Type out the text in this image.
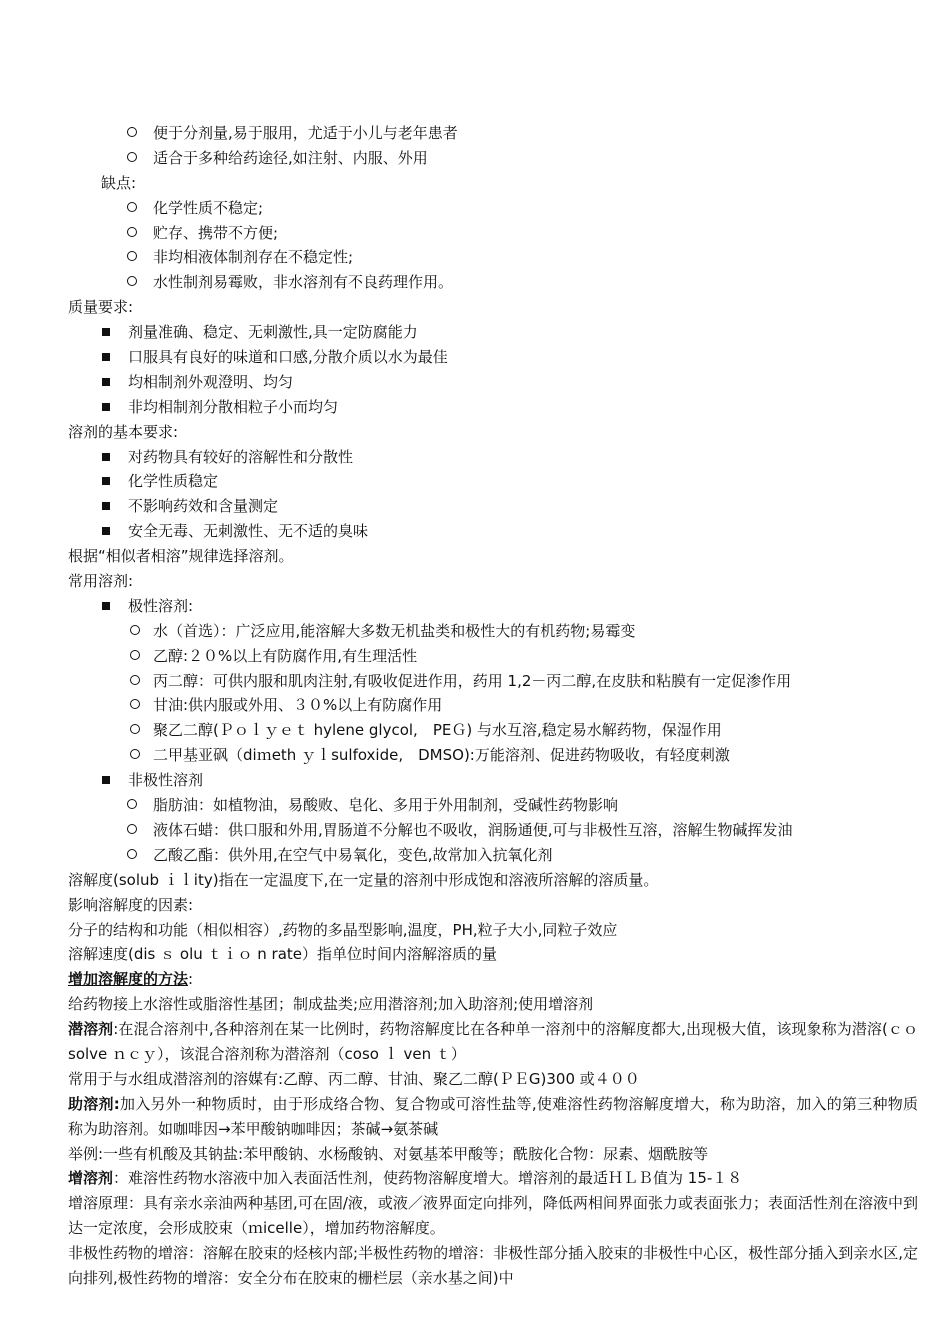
便于分剂量,易于服用，尤适于小儿与老年患者
适合于多种给药途径,如注射、内服、外用
缺点:
化学性质不稳定;
贮存、携带不方便;
非均相液体制剂存在不稳定性;
水性制剂易霉败，非水溶剂有不良药理作用。
质量要求:
剂量准确、稳定、无刺激性,具一定防腐能力
口服具有良好的味道和口感,分散介质以水为最佳
均相制剂外观澄明、均匀
非均相制剂分散相粒子小而均匀
溶剂的基本要求:
对药物具有较好的溶解性和分散性
化学性质稳定
不影响药效和含量测定
安全无毒、无刺激性、无不适的臭味
根据“相似者相溶”规律选择溶剂。
常用溶剂:
极性溶剂:
水（首选）：广泛应用,能溶解大多数无机盐类和极性大的有机药物;易霉变
乙醇:２０%以上有防腐作用,有生理活性
丙二醇：可供内服和肌肉注射,有吸收促进作用，药用 1,2－丙二醇,在皮肤和粘膜有一定促渗作用
甘油:供内服或外用、３０%以上有防腐作用
聚乙二醇(Ｐｏｌｙｅｔ hylene glycol,　PEＧ) 与水互溶,稳定易水解药物，保湿作用
二甲基亚砜（diｍeth ｙｌsulfoxide,　DMSO):万能溶剂、促进药物吸收，有轻度刺激
非极性溶剂
脂肪油：如植物油，易酸败、皂化、多用于外用制剂，受碱性药物影响
液体石蜡：供口服和外用,胃肠道不分解也不吸收，润肠通便,可与非极性互溶，溶解生物碱挥发油
乙酸乙酯：供外用,在空气中易氧化，变色,故常加入抗氧化剂
溶解度(solub ｉｌity)指在一定温度下,在一定量的溶剂中形成饱和溶液所溶解的溶质量。
影响溶解度的因素:
分子的结构和功能（相似相容）,药物的多晶型影响,温度，PH,粒子大小,同粒子效应
溶解速度(dis ｓ olu ｔｉｏ n rate）指单位时间内溶解溶质的量
增加溶解度的方法:
给药物接上水溶性或脂溶性基团；制成盐类;应用潜溶剂;加入助溶剂;使用增溶剂
潜溶剂:在混合溶剂中,各种溶剂在某一比例时，药物溶解度比在各种单一溶剂中的溶解度都大,出现极大值，该现象称为潜溶(ｃｏsolve ｎｃｙ），该混合溶剂称为潜溶剂（coso ｌ ven ｔ）
常用于与水组成潜溶剂的溶媒有:乙醇、丙二醇、甘油、聚乙二醇(ＰＥG)300 或４００
助溶剂:加入另外一种物质时，由于形成络合物、复合物或可溶性盐等,使难溶性药物溶解度增大，称为助溶，加入的第三种物质称为助溶剂。如咖啡因→苯甲酸钠咖啡因；茶碱→氨茶碱
举例:一些有机酸及其钠盐:苯甲酸钠、水杨酸钠、对氨基苯甲酸等；酰胺化合物：尿素、烟酰胺等
增溶剂：难溶性药物水溶液中加入表面活性剂，使药物溶解度增大。增溶剂的最适ＨＬＢ值为 15-１８
增溶原理：具有亲水亲油两种基团,可在固/液，或液／液界面定向排列，降低两相间界面张力或表面张力；表面活性剂在溶液中到达一定浓度，会形成胶束（ｍicelle），增加药物溶解度。
非极性药物的增溶：溶解在胶束的烃核内部;半极性药物的增溶：非极性部分插入胶束的非极性中心区，极性部分插入到亲水区,定向排列,极性药物的增溶：安全分布在胶束的栅栏层（亲水基之间)中
